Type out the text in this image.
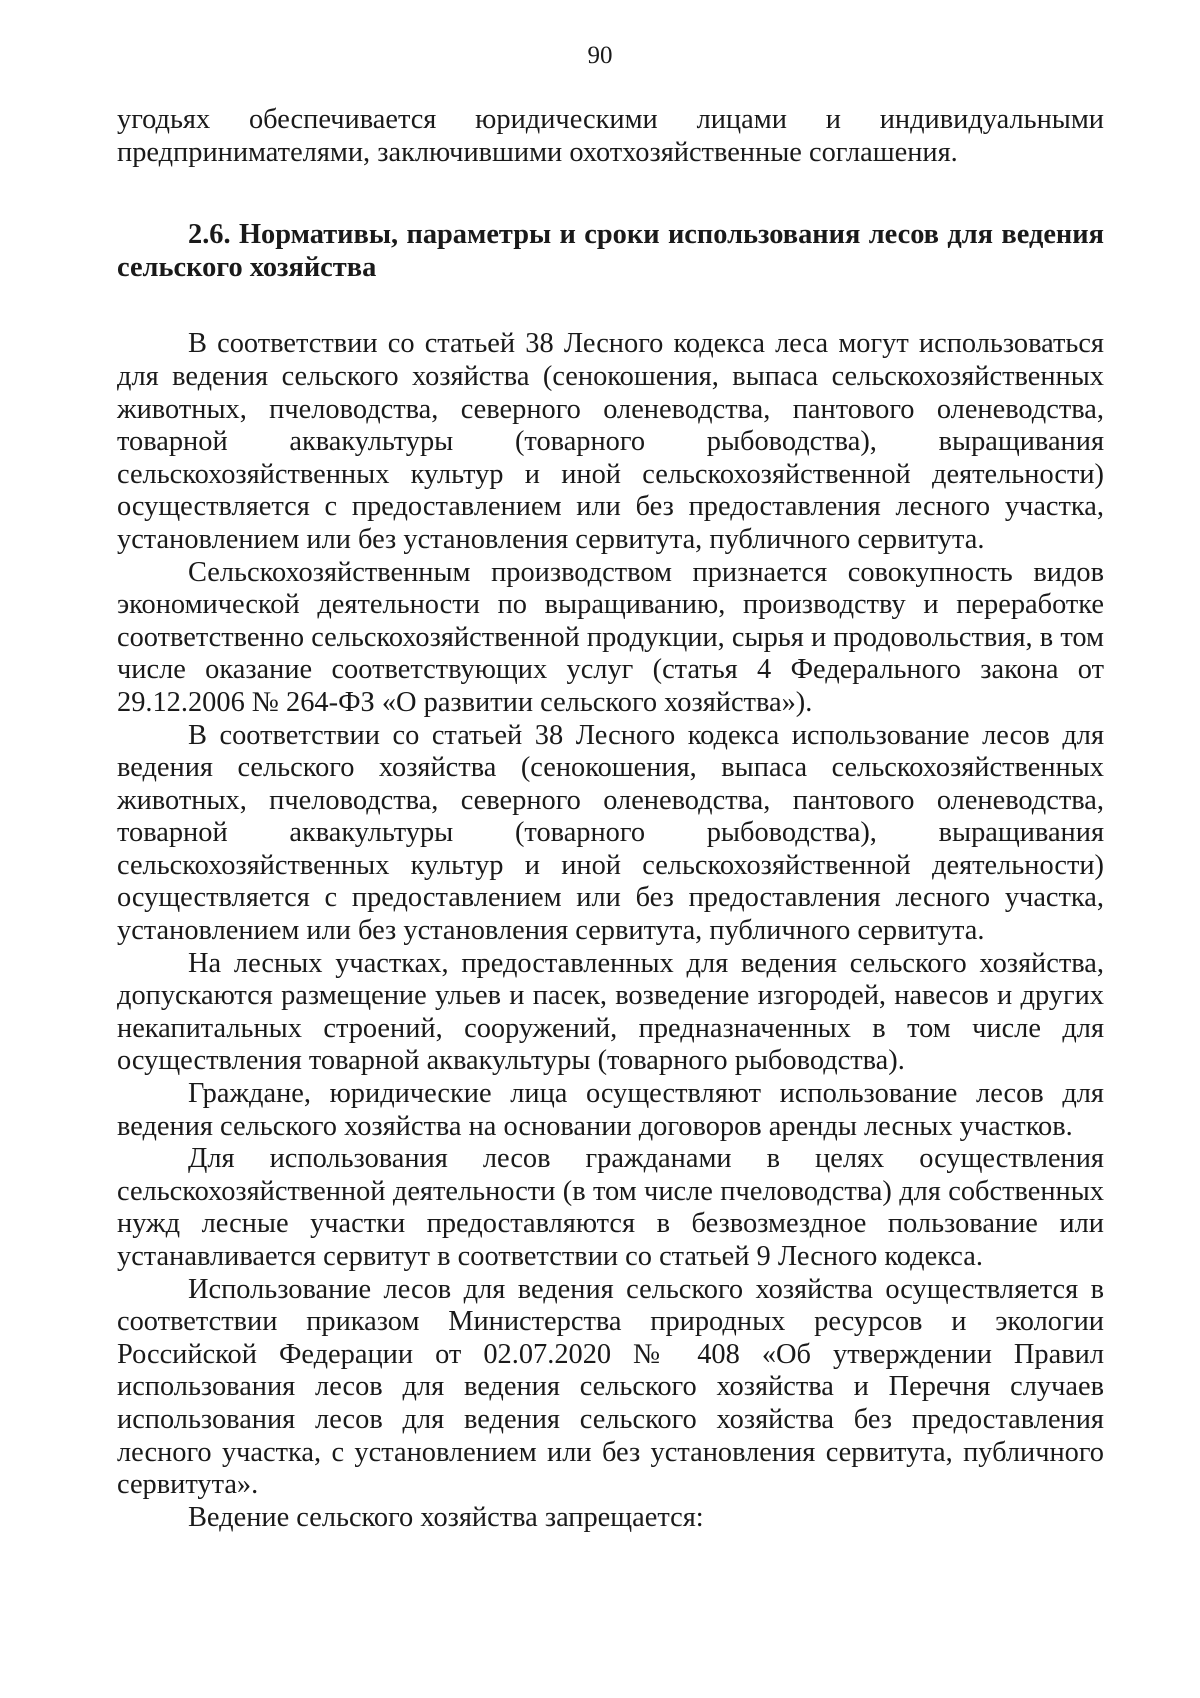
90

угодьях обеспечивается юридическими лицами и индивидуальными предпринимателями, заключившими охотхозяйственные соглашения.

2.6. Нормативы, параметры и сроки использования лесов для ведения сельского хозяйства

В соответствии со статьей 38 Лесного кодекса леса могут использоваться для ведения сельского хозяйства (сенокошения, выпаса сельскохозяйственных животных, пчеловодства, северного оленеводства, пантового оленеводства, товарной аквакультуры (товарного рыбоводства), выращивания сельскохозяйственных культур и иной сельскохозяйственной деятельности) осуществляется с предоставлением или без предоставления лесного участка, установлением или без установления сервитута, публичного сервитута.

Сельскохозяйственным производством признается совокупность видов экономической деятельности по выращиванию, производству и переработке соответственно сельскохозяйственной продукции, сырья и продовольствия, в том числе оказание соответствующих услуг (статья 4 Федерального закона от 29.12.2006 № 264-ФЗ «О развитии сельского хозяйства»).

В соответствии со статьей 38 Лесного кодекса использование лесов для ведения сельского хозяйства (сенокошения, выпаса сельскохозяйственных животных, пчеловодства, северного оленеводства, пантового оленеводства, товарной аквакультуры (товарного рыбоводства), выращивания сельскохозяйственных культур и иной сельскохозяйственной деятельности) осуществляется с предоставлением или без предоставления лесного участка, установлением или без установления сервитута, публичного сервитута.

На лесных участках, предоставленных для ведения сельского хозяйства, допускаются размещение ульев и пасек, возведение изгородей, навесов и других некапитальных строений, сооружений, предназначенных в том числе для осуществления товарной аквакультуры (товарного рыбоводства).

Граждане, юридические лица осуществляют использование лесов для ведения сельского хозяйства на основании договоров аренды лесных участков.

Для использования лесов гражданами в целях осуществления сельскохозяйственной деятельности (в том числе пчеловодства) для собственных нужд лесные участки предоставляются в безвозмездное пользование или устанавливается сервитут в соответствии со статьей 9 Лесного кодекса.

Использование лесов для ведения сельского хозяйства осуществляется в соответствии приказом Министерства природных ресурсов и экологии Российской Федерации от 02.07.2020 № 408 «Об утверждении Правил использования лесов для ведения сельского хозяйства и Перечня случаев использования лесов для ведения сельского хозяйства без предоставления лесного участка, с установлением или без установления сервитута, публичного сервитута».

Ведение сельского хозяйства запрещается:
